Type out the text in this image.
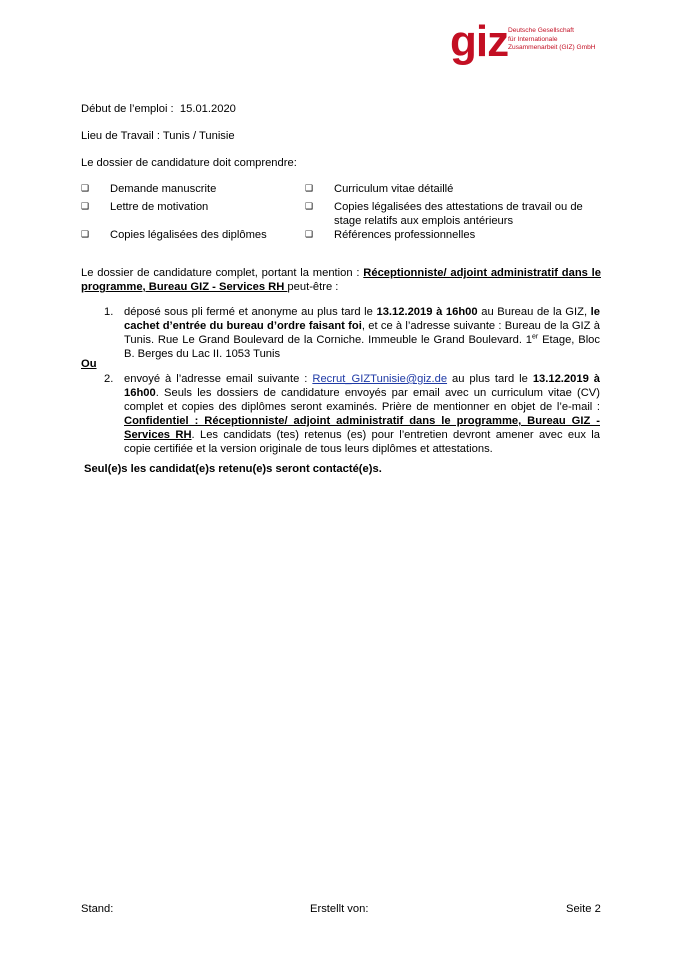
giz Deutsche Gesellschaft
für Internationale
Zusammenarbeit (GIZ) GmbH
Début de l’emploi : 15.01.2020
Lieu de Travail : Tunis / Tunisie
Le dossier de candidature doit comprendre:
❑ Demande manuscrite
❑ Lettre de motivation
❑ Copies légalisées des diplômes
❑ Curriculum vitae détaillé
❑ Copies légalisées des attestations de travail ou de stage relatifs aux emplois antérieurs
❑ Références professionnelles
Le dossier de candidature complet, portant la mention : Réceptionniste/ adjoint administratif dans le programme, Bureau GIZ - Services RH peut-être :
1. déposé sous pli fermé et anonyme au plus tard le 13.12.2019 à 16h00 au Bureau de la GIZ, le cachet d’entrée du bureau d’ordre faisant foi, et ce à l’adresse suivante : Bureau de la GIZ à Tunis. Rue Le Grand Boulevard de la Corniche. Immeuble le Grand Boulevard. 1er Etage, Bloc B. Berges du Lac II. 1053 Tunis
Ou
2. envoyé à l’adresse email suivante : Recrut_GIZTunisie@giz.de au plus tard le 13.12.2019 à 16h00. Seuls les dossiers de candidature envoyés par email avec un curriculum vitae (CV) complet et copies des diplômes seront examinés. Prière de mentionner en objet de l’e-mail : Confidentiel : Réceptionniste/ adjoint administratif dans le programme, Bureau GIZ - Services RH. Les candidats (tes) retenus (es) pour l’entretien devront amener avec eux la copie certifiée et la version originale de tous leurs diplômes et attestations.
Seul(e)s les candidat(e)s retenu(e)s seront contacté(e)s.
Stand:	Erstellt von:	Seite 2
